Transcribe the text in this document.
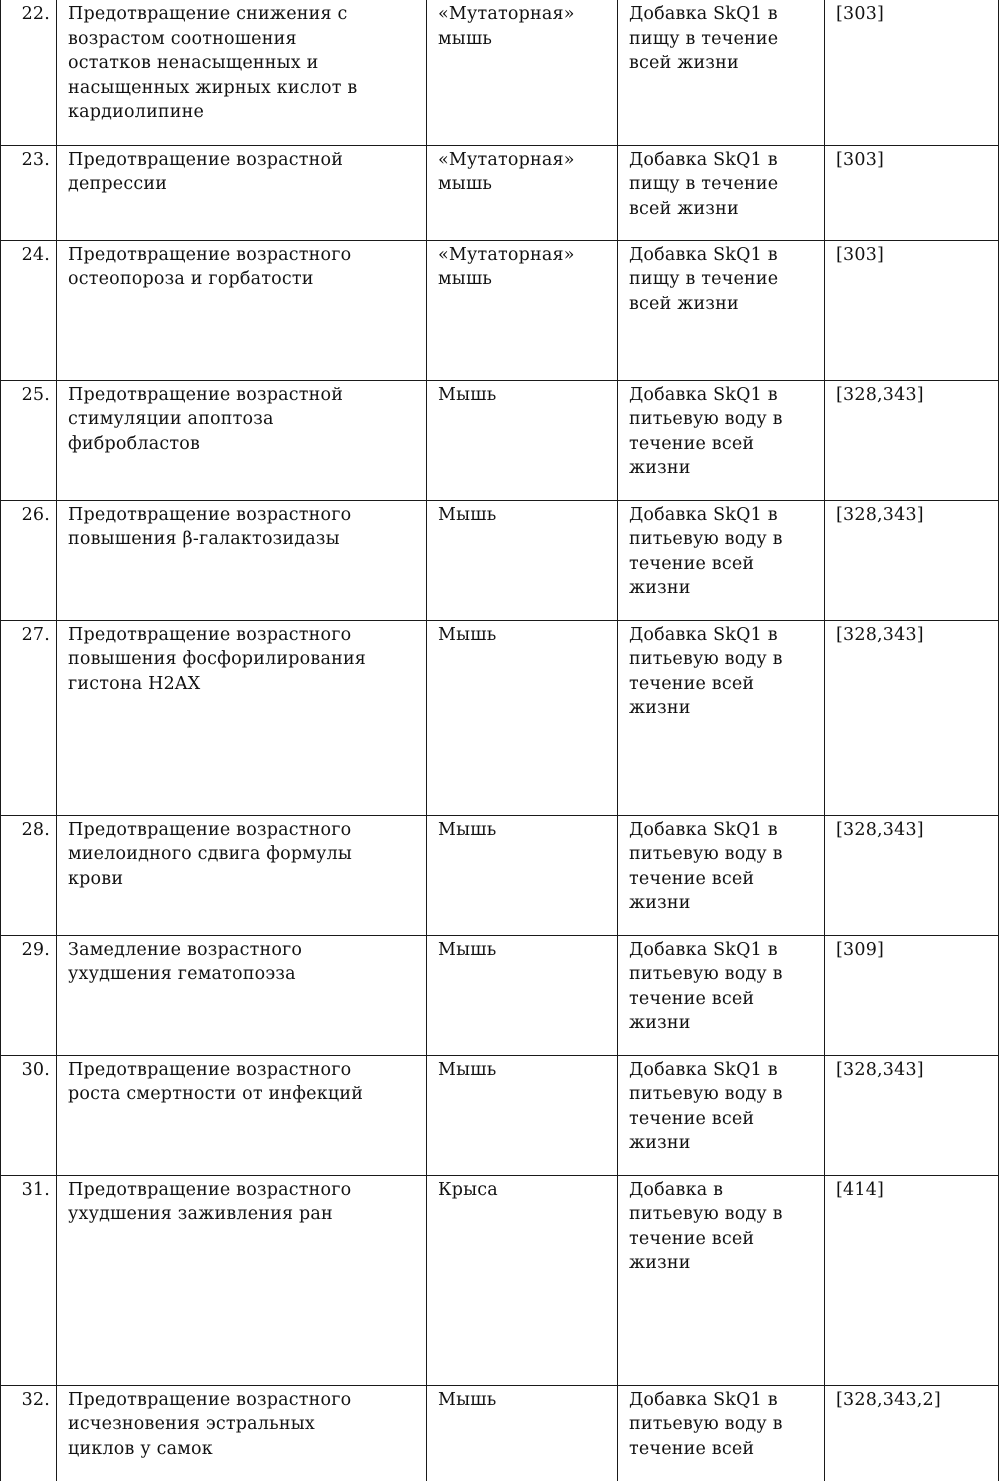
22.	Предотвращение снижения с
возрастом соотношения
остатков ненасыщенных и
насыщенных жирных кислот в
кардиолипине	«Мутаторная»
мышь	Добавка SkQ1 в
пищу в течение
всей жизни	[303]
23.	Предотвращение возрастной
депрессии	«Мутаторная»
мышь	Добавка SkQ1 в
пищу в течение
всей жизни	[303]
24.	Предотвращение возрастного
остеопороза и горбатости	«Мутаторная»
мышь	Добавка SkQ1 в
пищу в течение
всей жизни	[303]
25.	Предотвращение возрастной
стимуляции апоптоза
фибробластов	Мышь	Добавка SkQ1 в
питьевую воду в
течение всей
жизни	[328,343]
26.	Предотвращение возрастного
повышения β-галактозидазы	Мышь	Добавка SkQ1 в
питьевую воду в
течение всей
жизни	[328,343]
27.	Предотвращение возрастного
повышения фосфорилирования
гистона H2AX	Мышь	Добавка SkQ1 в
питьевую воду в
течение всей
жизни	[328,343]
28.	Предотвращение возрастного
миелоидного сдвига формулы
крови	Мышь	Добавка SkQ1 в
питьевую воду в
течение всей
жизни	[328,343]
29.	Замедление возрастного
ухудшения гематопоэза	Мышь	Добавка SkQ1 в
питьевую воду в
течение всей
жизни	[309]
30.	Предотвращение возрастного
роста смертности от инфекций	Мышь	Добавка SkQ1 в
питьевую воду в
течение всей
жизни	[328,343]
31.	Предотвращение возрастного
ухудшения заживления ран	Крыса	Добавка в
питьевую воду в
течение всей
жизни	[414]
32.	Предотвращение возрастного
исчезновения эстральных
циклов у самок	Мышь	Добавка SkQ1 в
питьевую воду в
течение всей	[328,343,2]
